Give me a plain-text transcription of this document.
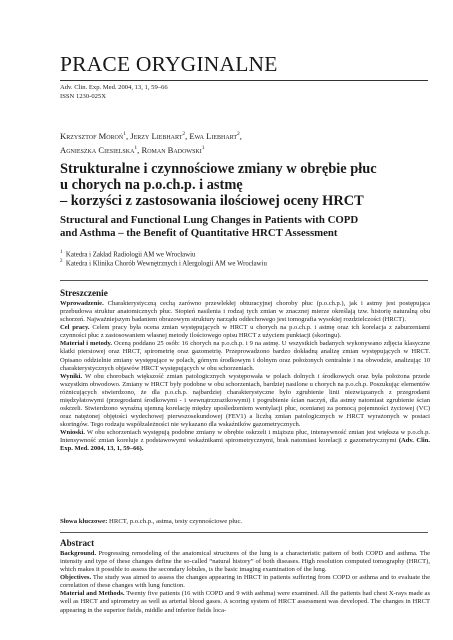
PRACE ORYGINALNE
Adv. Clin. Exp. Med. 2004, 13, 1, 59–66
ISSN 1230-025X
Krzysztof Moroń$^1$, Jerzy Liebhart$^2$, Ewa Liebhart$^2$,
Agnieszka Ciesielska$^1$, Roman Badowski$^1$
Strukturalne i czynnościowe zmiany w obrębie płuc
u chorych na p.o.ch.p. i astmę
– korzyści z zastosowania ilościowej oceny HRCT
Structural and Functional Lung Changes in Patients with COPD
and Asthma – the Benefit of Quantitative HRCT Assessment
$^1$ Katedra i Zakład Radiologii AM we Wrocławiu
$^2$ Katedra i Klinika Chorób Wewnętrznych i Alergologii AM we Wrocławiu
Streszczenie

Wprowadzenie. Charakterystyczną cechą zarówno przewlekłej obturacyjnej choroby płuc (p.o.ch.p.), jak i astmy jest postępująca przebudowa struktur anatomicznych płuc. Stopień nasilenia i rodzaj tych zmian w znacznej mierze określają tzw. historię naturalną obu schorzeń. Najważniejszym badaniem obrazowym struktury narządu oddechowego jest tomografia wysokiej rozdzielczości (HRCT).
Cel pracy. Celem pracy była ocena zmian występujących w HRCT u chorych na p.o.ch.p. i astmę oraz ich korelacja z zaburzeniami czynności płuc z zastosowaniem własnej metody ilościowego opisu HRCT z użyciem punktacji (skoringu).
Materiał i metody. Oceną poddano 25 osób: 16 chorych na p.o.ch.p. i 9 na astmę. U wszystkich badanych wykonywano zdjęcia klasyczne klatki piersiowej oraz HRCT, spirometrię oraz gazometrię. Przeprowadzono bardzo dokładną analizę zmian występujących w HRCT. Opisano oddzielnie zmiany występujące w polach, górnym środkowym i dolnym oraz położonych centralnie i na obwodzie, analizując 10 charakterystycznych objawów HRCT występujących w obu schorzeniach.
Wyniki. W obu chorobach większość zmian patologicznych występowała w polach dolnych i środkowych oraz była położona przede wszystkim obwodowo. Zmiany w HRCT były podobne w obu schorzeniach, bardziej nasilone u chorych na p.o.ch.p. Poszukując elementów różnicujących stwierdzono, że dla p.o.ch.p. najbardziej charakterystyczne było zgrubienie linii niezwiązanych z przegrodami międzyłatowymi (przegrodami środkowymi - i wewnątrzzrazikowymi) i pogrubienie ścian naczyń, dla astmy natomiast zgrubienie ścian oskrzeli. Stwierdzono wyraźną ujemną korelację między upośledzeniem wentylacji płuc, ocenianej za pomocą pojemności życiowej (VC) oraz natężonej objętości wydechowej pierwszosekundowej (FEV1) a liczbą zmian patologicznych w HRCT wyrażonych w postaci skoringów. Tego rodzaju współzależności nie wykazano dla wskaźników gazometrycznych.
Wnioski. W obu schorzeniach występują podobne zmiany w obrębie oskrzeli i miąższu płuc, intensywność zmian jest większa w p.o.ch.p. Intensywność zmian koreluje z podstawowymi wskaźnikami spirometrycznymi, brak natomiast korelacji z gazometrycznymi (Adv. Clin. Exp. Med. 2004, 13, 1, 59–66).

Słowa kluczowe: HRCT, p.o.ch.p., astma, testy czynnościowe płuc.
Abstract

Background. Progressing remodeling of the anatomical structures of the lung is a characteristic pattern of both COPD and asthma. The intensity and type of these changes define the so-called “natural history” of both diseases. High resolution computed tomography (HRCT), which makes it possible to assess the secondary lobules, is the basic imaging examination of the lung.
Objectives. The study was aimed to assess the changes appearing in HRCT in patients suffering from COPD or asthma and to evaluate the correlation of these changes with lung function.
Material and Methods. Twenty five patients (16 with COPD and 9 with asthma) were examined. All the patients had chest X-rays made as well as HRCT and spirometry as well as arterial blood gases. A scoring system of HRCT assessment was developed. The changes in HRCT appearing in the superior fields, middle and inferior fields loca-
